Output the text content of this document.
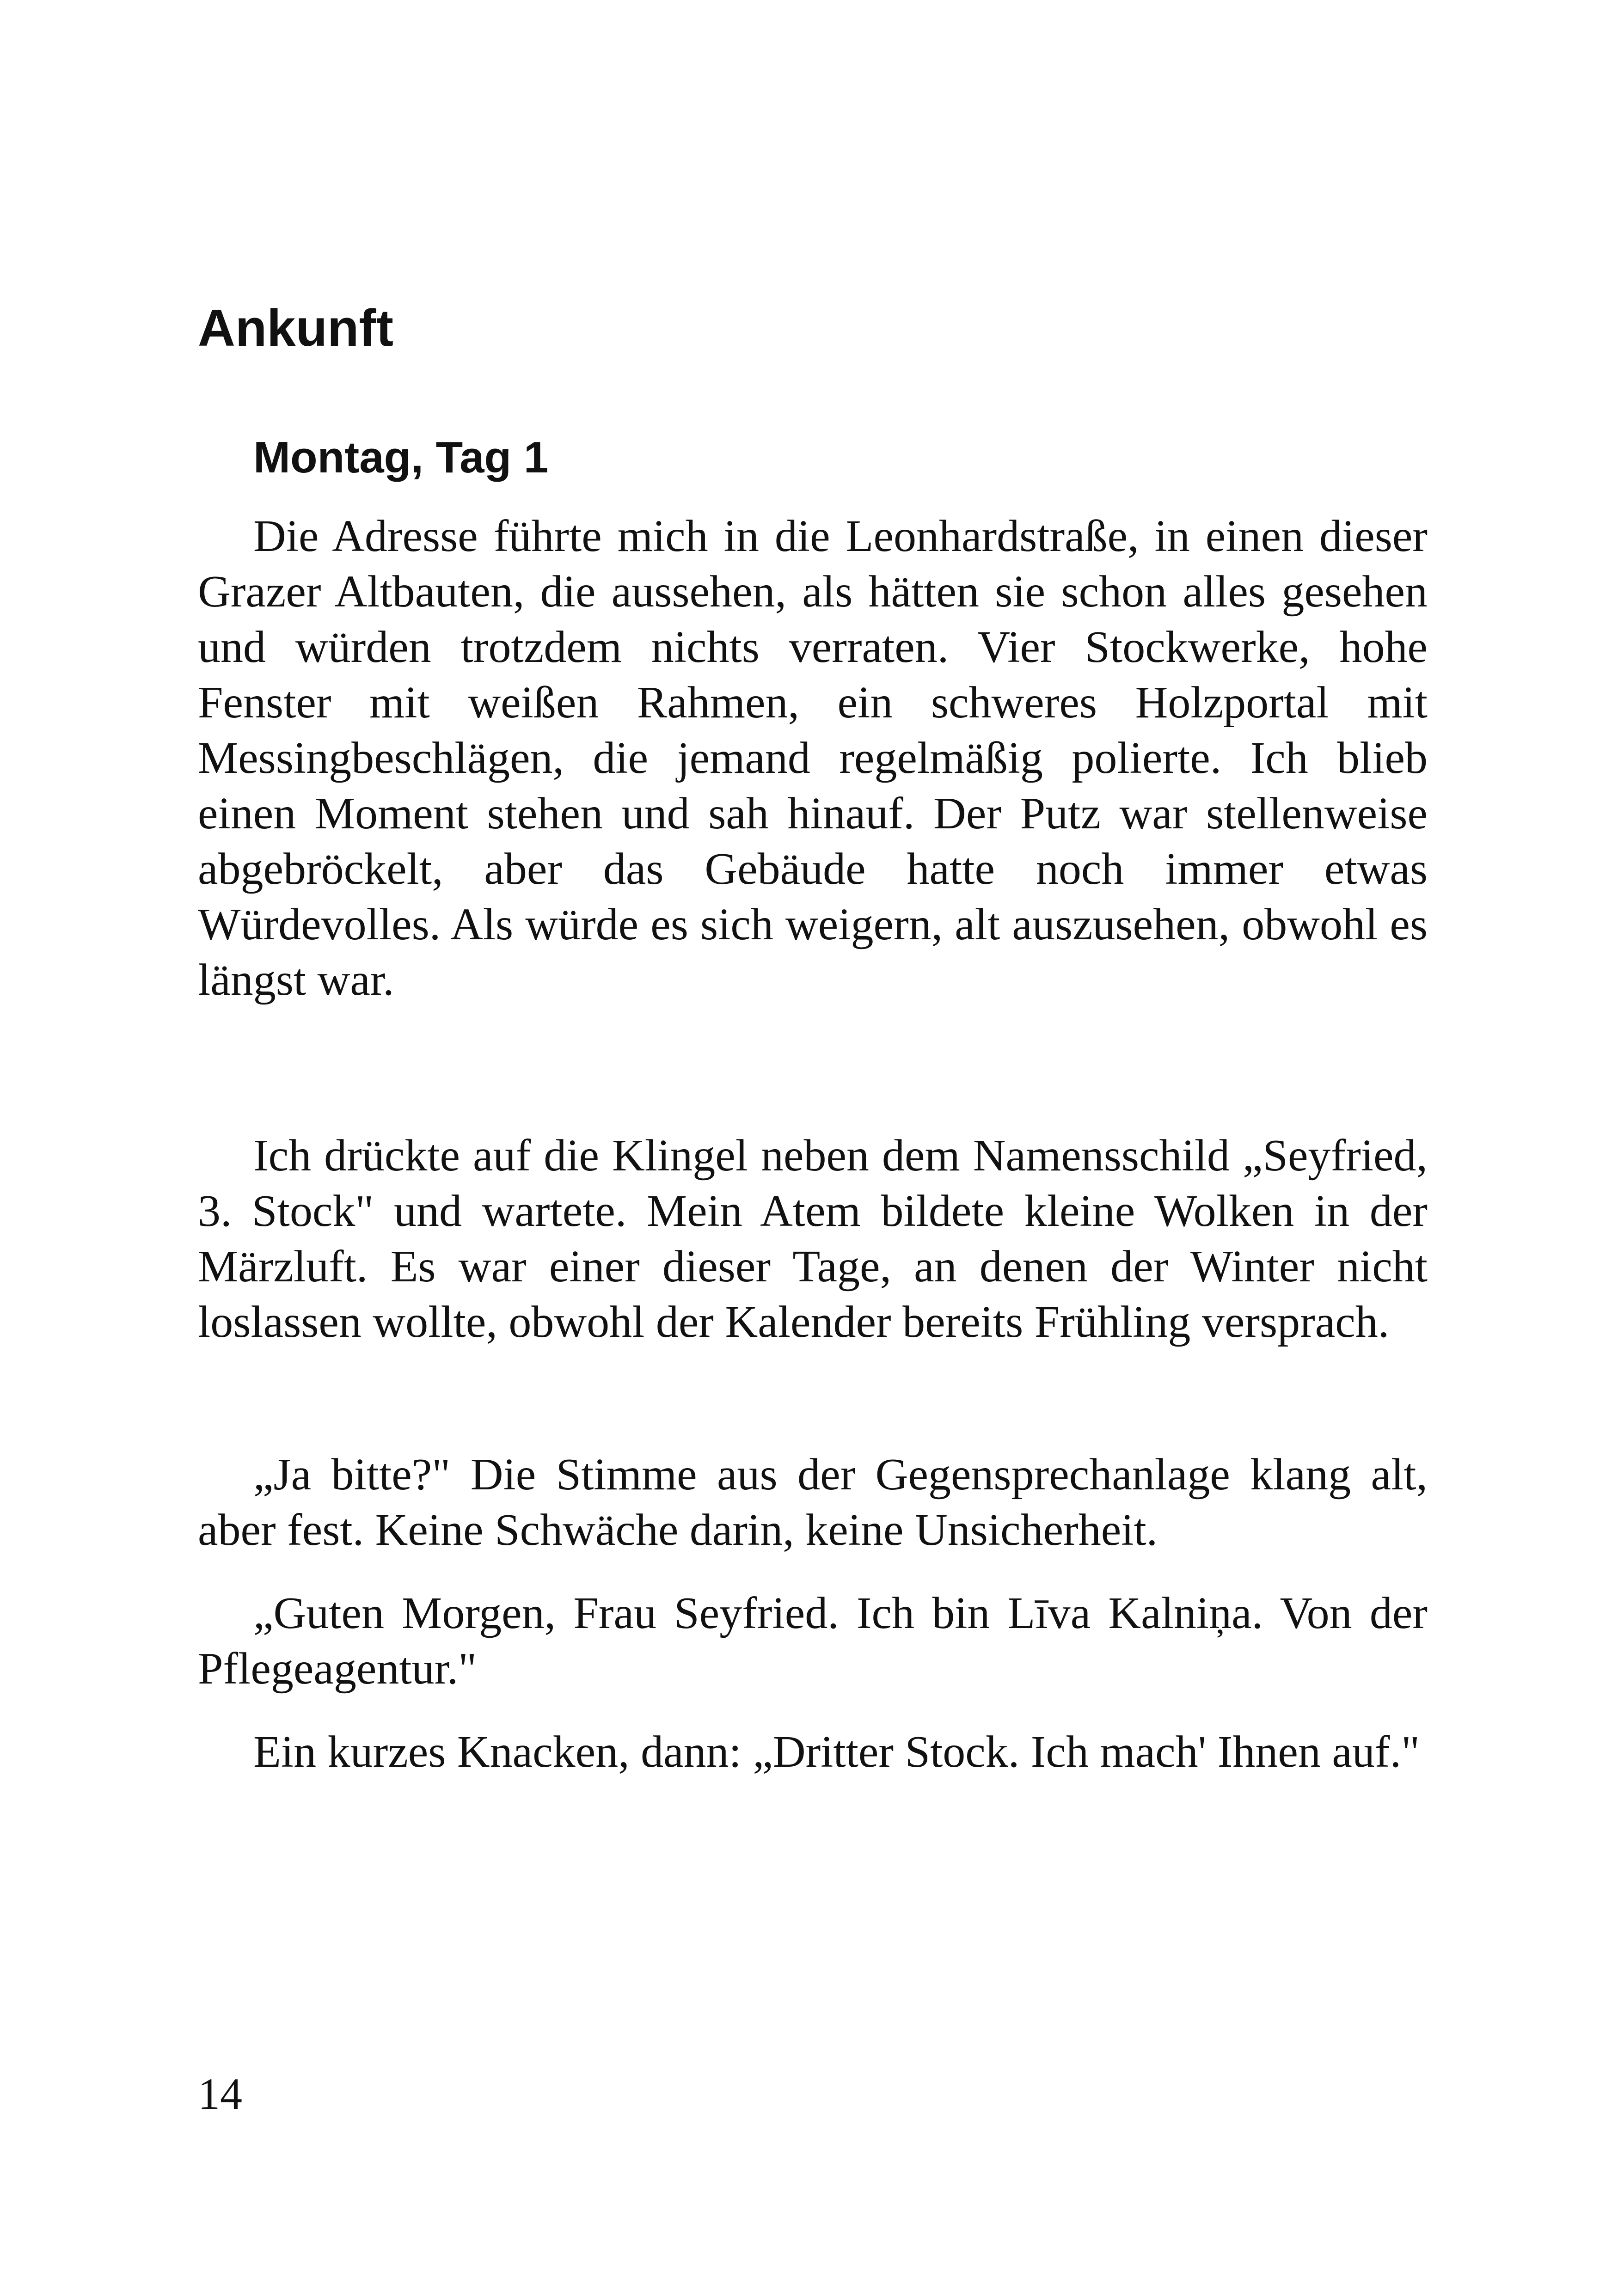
Ankunft
Montag, Tag 1

Die Adresse führte mich in die Leonhardstraße, in einen dieser Grazer Altbauten, die aussehen, als hätten sie schon alles gesehen und würden trotzdem nichts verraten. Vier Stockwerke, hohe Fenster mit weißen Rahmen, ein schweres Holzportal mit Messingbeschlägen, die jemand regelmäßig polierte. Ich blieb einen Moment stehen und sah hinauf. Der Putz war stellenweise abgebröckelt, aber das Gebäude hatte noch immer etwas Würdevolles. Als würde es sich weigern, alt auszusehen, obwohl es längst war.

Ich drückte auf die Klingel neben dem Namensschild „Seyfried, 3. Stock" und wartete. Mein Atem bildete kleine Wolken in der Märzluft. Es war einer dieser Tage, an denen der Winter nicht loslassen wollte, obwohl der Kalender bereits Frühling versprach.

„Ja bitte?" Die Stimme aus der Gegensprechanlage klang alt, aber fest. Keine Schwäche darin, keine Unsicherheit.

„Guten Morgen, Frau Seyfried. Ich bin Līva Kalniņa. Von der Pflegeagentur."

Ein kurzes Knacken, dann: „Dritter Stock. Ich mach' Ihnen auf."

14
